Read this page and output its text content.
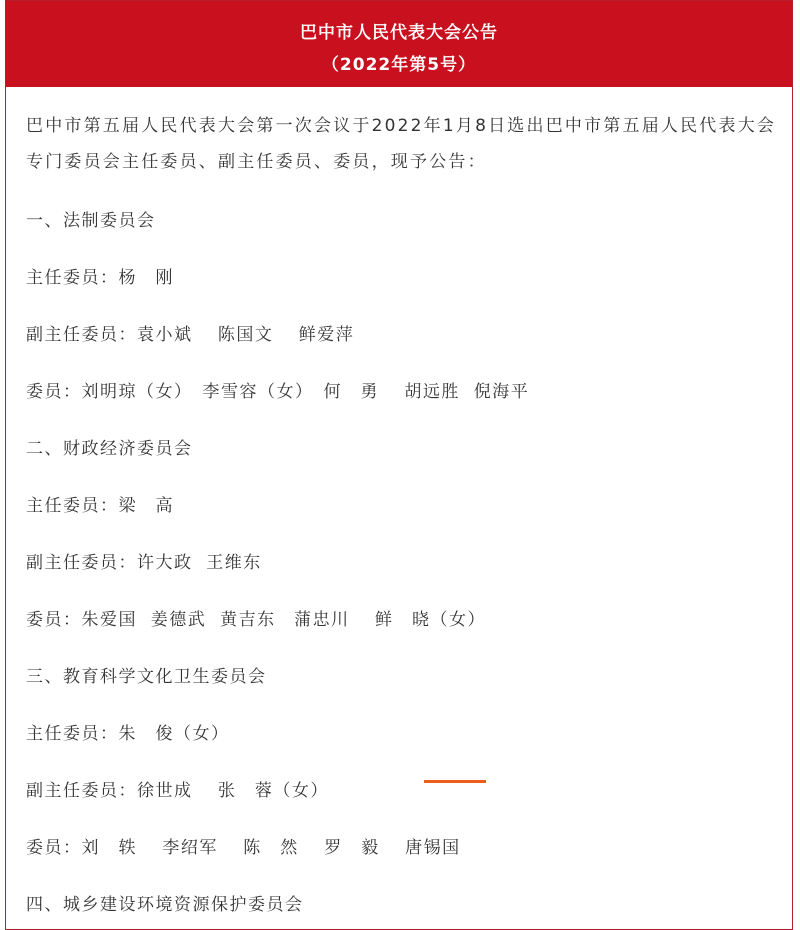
巴中市人民代表大会公告
（2022年第5号）
巴中市第五届人民代表大会第一次会议于2022年1月8日选出巴中市第五届人民代表大会专门委员会主任委员、副主任委员、委员，现予公告：
一、法制委员会
主任委员：杨　刚
副主任委员：袁小斌　 陈国文　 鲜爱萍
委员：刘明琼（女）　李雪容（女）　何　勇　 胡远胜  倪海平
二、财政经济委员会
主任委员：梁　高
副主任委员：许大政  王维东
委员：朱爱国  姜德武  黄吉东　蒲忠川　 鲜　晓（女）
三、教育科学文化卫生委员会
主任委员：朱　俊（女）
副主任委员：徐世成　 张　蓉（女）
委员：刘　轶　 李绍军　 陈　然　 罗　毅　 唐锡国
四、城乡建设环境资源保护委员会
